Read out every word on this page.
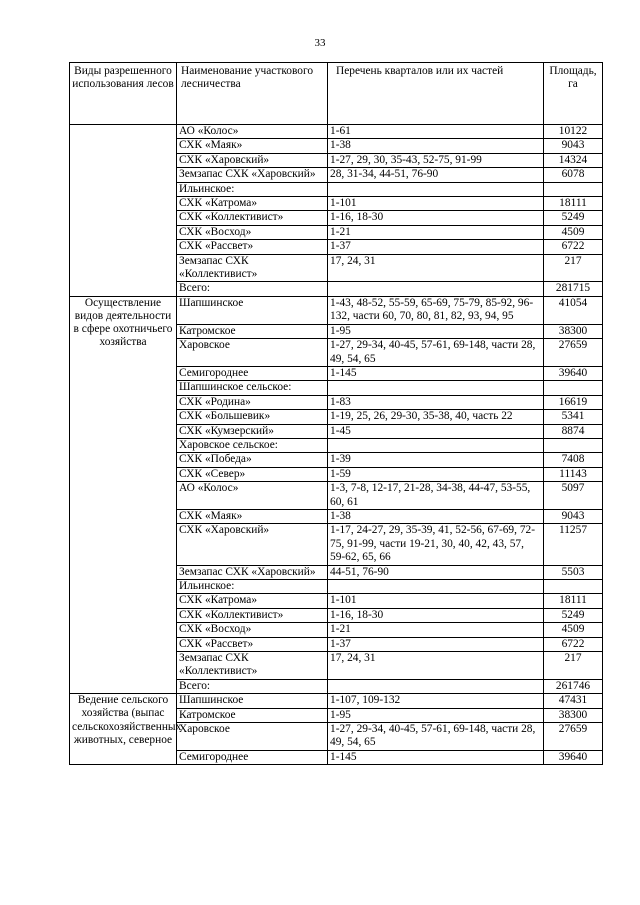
33
Виды разрешенного использования лесов	Наименование участкового лесничества	Перечень кварталов или их частей	Площадь, га
	АО «Колос»	1-61	10122
	СХК «Маяк»	1-38	9043
	СХК «Харовский»	1-27, 29, 30, 35-43, 52-75, 91-99	14324
	Земзапас СХК «Харовский»	28, 31-34, 44-51, 76-90	6078
	Ильинское:		
	СХК «Катрома»	1-101	18111
	СХК «Коллективист»	1-16, 18-30	5249
	СХК «Восход»	1-21	4509
	СХК «Рассвет»	1-37	6722
	Земзапас СХК «Коллективист»	17, 24, 31	217
	Всего:		281715
Осуществление видов деятельности в сфере охотничьего хозяйства	Шапшинское	1-43, 48-52, 55-59, 65-69, 75-79, 85-92, 96-132, части 60, 70, 80, 81, 82, 93, 94, 95	41054
	Катромское	1-95	38300
	Харовское	1-27, 29-34, 40-45, 57-61, 69-148, части 28, 49, 54, 65	27659
	Семигороднее	1-145	39640
	Шапшинское сельское:		
	СХК «Родина»	1-83	16619
	СХК «Большевик»	1-19, 25, 26, 29-30, 35-38, 40, часть 22	5341
	СХК «Кумзерский»	1-45	8874
	Харовское сельское:		
	СХК «Победа»	1-39	7408
	СХК «Север»	1-59	11143
	АО «Колос»	1-3, 7-8, 12-17, 21-28, 34-38, 44-47, 53-55, 60, 61	5097
	СХК «Маяк»	1-38	9043
	СХК «Харовский»	1-17, 24-27, 29, 35-39, 41, 52-56, 67-69, 72-75, 91-99, части 19-21, 30, 40, 42, 43, 57, 59-62, 65, 66	11257
	Земзапас СХК «Харовский»	44-51, 76-90	5503
	Ильинское:		
	СХК «Катрома»	1-101	18111
	СХК «Коллективист»	1-16, 18-30	5249
	СХК «Восход»	1-21	4509
	СХК «Рассвет»	1-37	6722
	Земзапас СХК «Коллективист»	17, 24, 31	217
	Всего:		261746
Ведение сельского хозяйства (выпас сельскохозяйственных животных, северное	Шапшинское	1-107, 109-132	47431
	Катромское	1-95	38300
	Харовское	1-27, 29-34, 40-45, 57-61, 69-148, части 28, 49, 54, 65	27659
	Семигороднее	1-145	39640
